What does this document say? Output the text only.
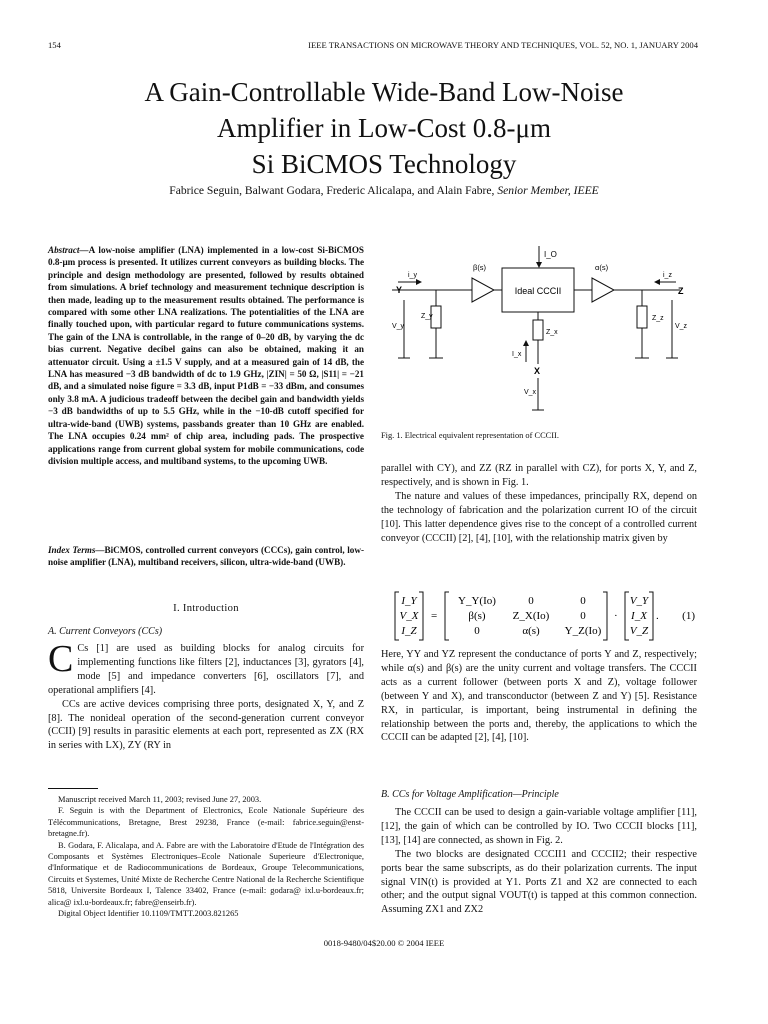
154	IEEE TRANSACTIONS ON MICROWAVE THEORY AND TECHNIQUES, VOL. 52, NO. 1, JANUARY 2004
A Gain-Controllable Wide-Band Low-Noise
Amplifier in Low-Cost 0.8-μm
Si BiCMOS Technology
Fabrice Seguin, Balwant Godara, Frederic Alicalapa, and Alain Fabre, Senior Member, IEEE
Abstract—A low-noise amplifier (LNA) implemented in a low-cost Si-BiCMOS 0.8-μm process is presented. It utilizes current conveyors as building blocks. The principle and design methodology are presented, followed by results obtained from simulations. A brief technology and measurement technique description is then made, leading up to the measurement results obtained. The performance is compared with some other LNA realizations. The potentialities of the LNA are finally touched upon, with particular regard to future communications systems. The gain of the LNA is controllable, in the range of 0–20 dB, by varying the dc bias current. Negative decibel gains can also be obtained, making it an attenuator circuit. Using a ±1.5 V supply, and at a measured gain of 14 dB, the LNA has measured −3 dB bandwidth of dc to 1.9 GHz, |ZIN| = 50 Ω, |S11| = −21 dB, and a simulated noise figure = 3.3 dB, input P1dB = −33 dBm, and consumes only 3.8 mA. A judicious tradeoff between the decibel gain and bandwidth yields −3 dB bandwidths of up to 5.5 GHz, while in the −10-dB cutoff specified for ultra-wide-band (UWB) systems, passbands greater than 10 GHz are enabled. The LNA occupies 0.24 mm² of chip area, including pads. The prospective applications range from current global system for mobile communications, code division multiple access, and multiband systems, to the upcoming UWB.
Index Terms—BiCMOS, controlled current conveyors (CCCs), gain control, low-noise amplifier (LNA), multiband receivers, silicon, ultra-wide-band (UWB).
I. Introduction
A. Current Conveyors (CCs)
C Cs [1] are used as building blocks for analog circuits for implementing functions like filters [2], inductances [3], gyrators [4], mode [5] and impedance converters [6], oscillators [7], and operational amplifiers [4].
CCs are active devices comprising three ports, designated X, Y, and Z [8]. The nonideal operation of the second-generation current conveyor (CCII) [9] results in parasitic elements at each port, represented as ZX (RX in series with LX), ZY (RY in

Manuscript received March 11, 2003; revised June 27, 2003.

F. Seguin is with the Department of Electronics, Ecole Nationale Supérieure des Télécommunications, Bretagne, Brest 29238, France (e-mail: fabrice.seguin@enst-bretagne.fr).

B. Godara, F. Alicalapa, and A. Fabre are with the Laboratoire d'Etude de l'Intégration des Composants et Systèmes Electroniques–Ecole Nationale Superieure d'Electronique, d'Informatique et de Radiocommunications de Bordeaux, Groupe Telecommunications, Circuits et Systemes, Unité Mixte de Recherche Centre National de la Recherche Scientifique 5818, Universite Bordeaux I, Talence 33402, France (e-mail: godara@ ixl.u-bordeaux.fr; alica@ ixl.u-bordeaux.fr; fabre@enseirb.fr).

Digital Object Identifier 10.1109/TMTT.2003.821265

I_O
β(s)
Ideal CCCII
α(s)
i_y	i_z
Y	Z
Z_y
V_y
Z_z
V_z
Z_x
I_x
X
V_x
Fig. 1. Electrical equivalent representation of CCCII.

parallel with CY), and ZZ (RZ in parallel with CZ), for ports X, Y, and Z, respectively, and is shown in Fig. 1.

The nature and values of these impedances, principally RX, depend on the technology of fabrication and the polarization current IO of the circuit [10]. This latter dependence gives rise to the concept of a controlled current conveyor (CCCII) [2], [4], [10], with the relationship matrix given by

I_Y
V_X
I_Z
=
Y_Y(Io)	0	0
β(s) Z_X(Io)	0
0	α(s) Y_Z(Io)
·
V_Y
I_X
V_Z
. (1)
Here, YY and YZ represent the conductance of ports Y and Z, respectively; while α(s) and β(s) are the unity current and voltage transfers. The CCCII acts as a current follower (between ports X and Z), voltage follower (between Y and X), and transconductor (between Z and Y) [5]. Resistance RX, in particular, is important, being instrumental in defining the relationship between the ports and, thereby, the applications to which the CCCII can be adapted [2], [4], [10].
B. CCs for Voltage Amplification—Principle

The CCCII can be used to design a gain-variable voltage amplifier [11], [12], the gain of which can be controlled by IO. Two CCCII blocks [11], [13], [14] are connected, as shown in Fig. 2.

The two blocks are designated CCCII1 and CCCII2; their respective ports bear the same subscripts, as do their polarization currents. The input signal VIN(t) is provided at Y1. Ports Z1 and X2 are connected to each other; and the output signal VOUT(t) is tapped at this common connection. Assuming ZX1 and ZX2

0018-9480/04$20.00 © 2004 IEEE
